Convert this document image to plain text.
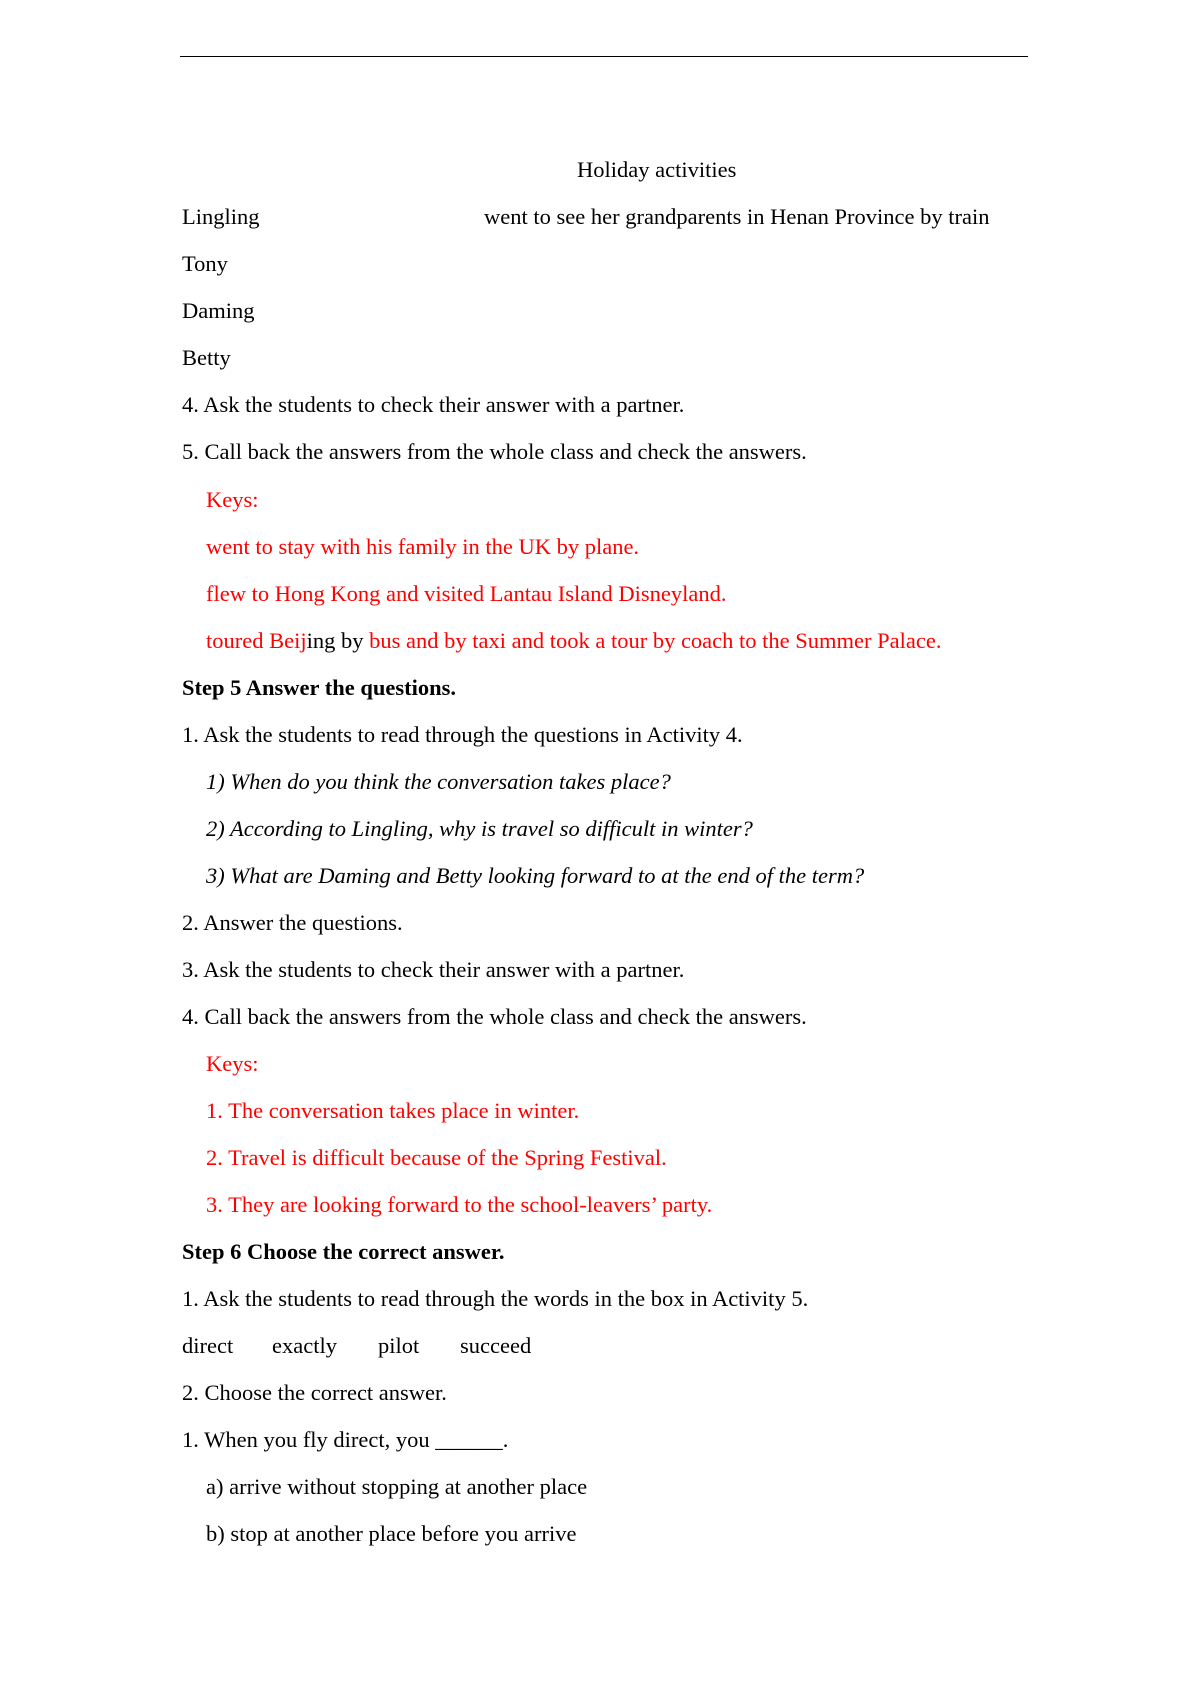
Holiday activities
Lingling	went to see her grandparents in Henan Province by train
Tony
Daming
Betty
4. Ask the students to check their answer with a partner.
5. Call back the answers from the whole class and check the answers.
Keys:
went to stay with his family in the UK by plane.
flew to Hong Kong and visited Lantau Island Disneyland.
toured Beijing by bus and by taxi and took a tour by coach to the Summer Palace.
Step 5 Answer the questions.
1. Ask the students to read through the questions in Activity 4.
1) When do you think the conversation takes place?
2) According to Lingling, why is travel so difficult in winter?
3) What are Daming and Betty looking forward to at the end of the term?
2. Answer the questions.
3. Ask the students to check their answer with a partner.
4. Call back the answers from the whole class and check the answers.
Keys:
1. The conversation takes place in winter.
2. Travel is difficult because of the Spring Festival.
3. They are looking forward to the school-leavers’ party.
Step 6 Choose the correct answer.
1. Ask the students to read through the words in the box in Activity 5.
direct exactly pilot succeed
2. Choose the correct answer.
1. When you fly direct, you ______.
a) arrive without stopping at another place
b) stop at another place before you arrive
